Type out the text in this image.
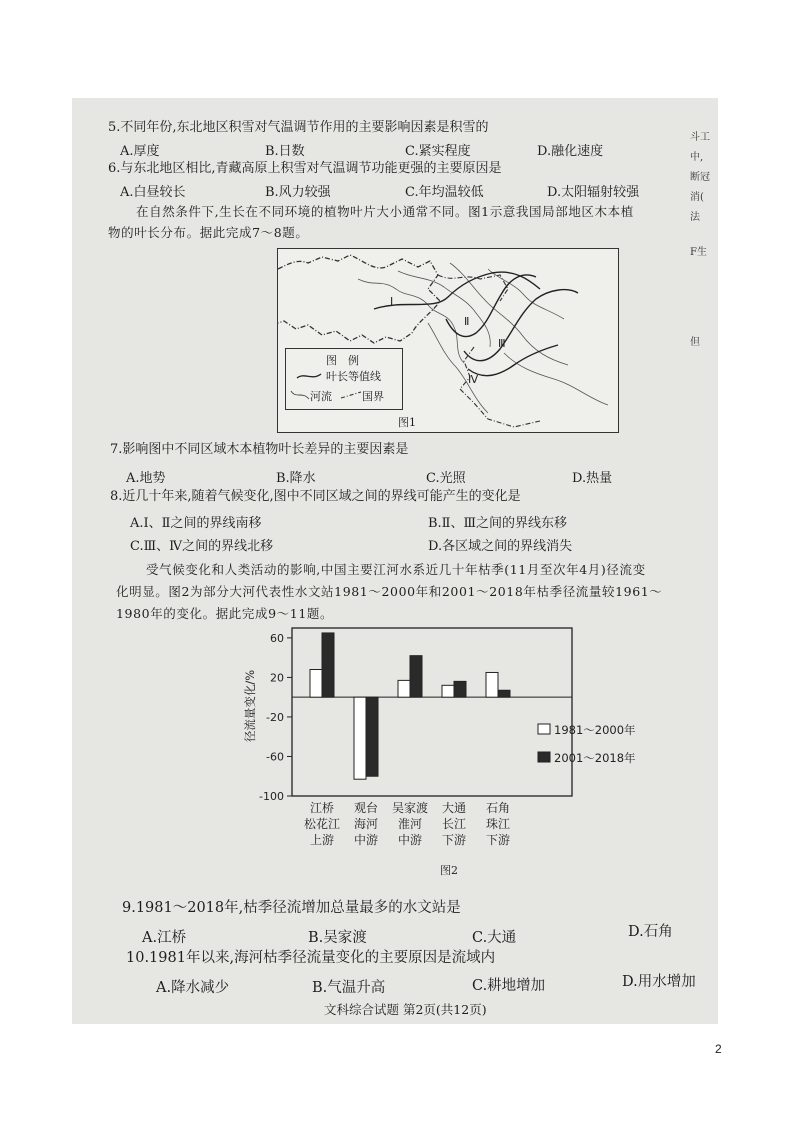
斗工
中,
断冠
消(
法
F生
但
5.不同年份,东北地区积雪对气温调节作用的主要影响因素是积雪的
A.厚度	B.日数	C.紧实程度	D.融化速度
6.与东北地区相比,青藏高原上积雪对气温调节功能更强的主要原因是
A.白昼较长	B.风力较强	C.年均温较低	D.太阳辐射较强
在自然条件下,生长在不同环境的植物叶片大小通常不同。图1示意我国局部地区木本植
物的叶长分布。据此完成7～8题。
Ⅰ
Ⅱ
Ⅲ
Ⅳ
图　例
叶长等值线
河流	国界
图1
7.影响图中不同区域木本植物叶长差异的主要因素是
A.地势	B.降水	C.光照	D.热量
8.近几十年来,随着气候变化,图中不同区域之间的界线可能产生的变化是
A.Ⅰ、Ⅱ之间的界线南移	B.Ⅱ、Ⅲ之间的界线东移
C.Ⅲ、Ⅳ之间的界线北移	D.各区域之间的界线消失
受气候变化和人类活动的影响,中国主要江河水系近几十年枯季(11月至次年4月)径流变
化明显。图2为部分大河代表性水文站1981～2000年和2001～2018年枯季径流量较1961～
1980年的变化。据此完成9～11题。
60
20
-20
-60
-100
径流量变化/%
江桥
松花江
上游
观台
海河
中游
吴家渡
淮河
中游
大通
长江
下游
石角
珠江
下游
1981～2000年
2001～2018年
图2
9.1981～2018年,枯季径流增加总量最多的水文站是
A.江桥	B.吴家渡	C.大通	D.石角
10.1981年以来,海河枯季径流量变化的主要原因是流域内
A.降水减少	B.气温升高	C.耕地增加	D.用水增加
文科综合试题 第2页(共12页)
2
